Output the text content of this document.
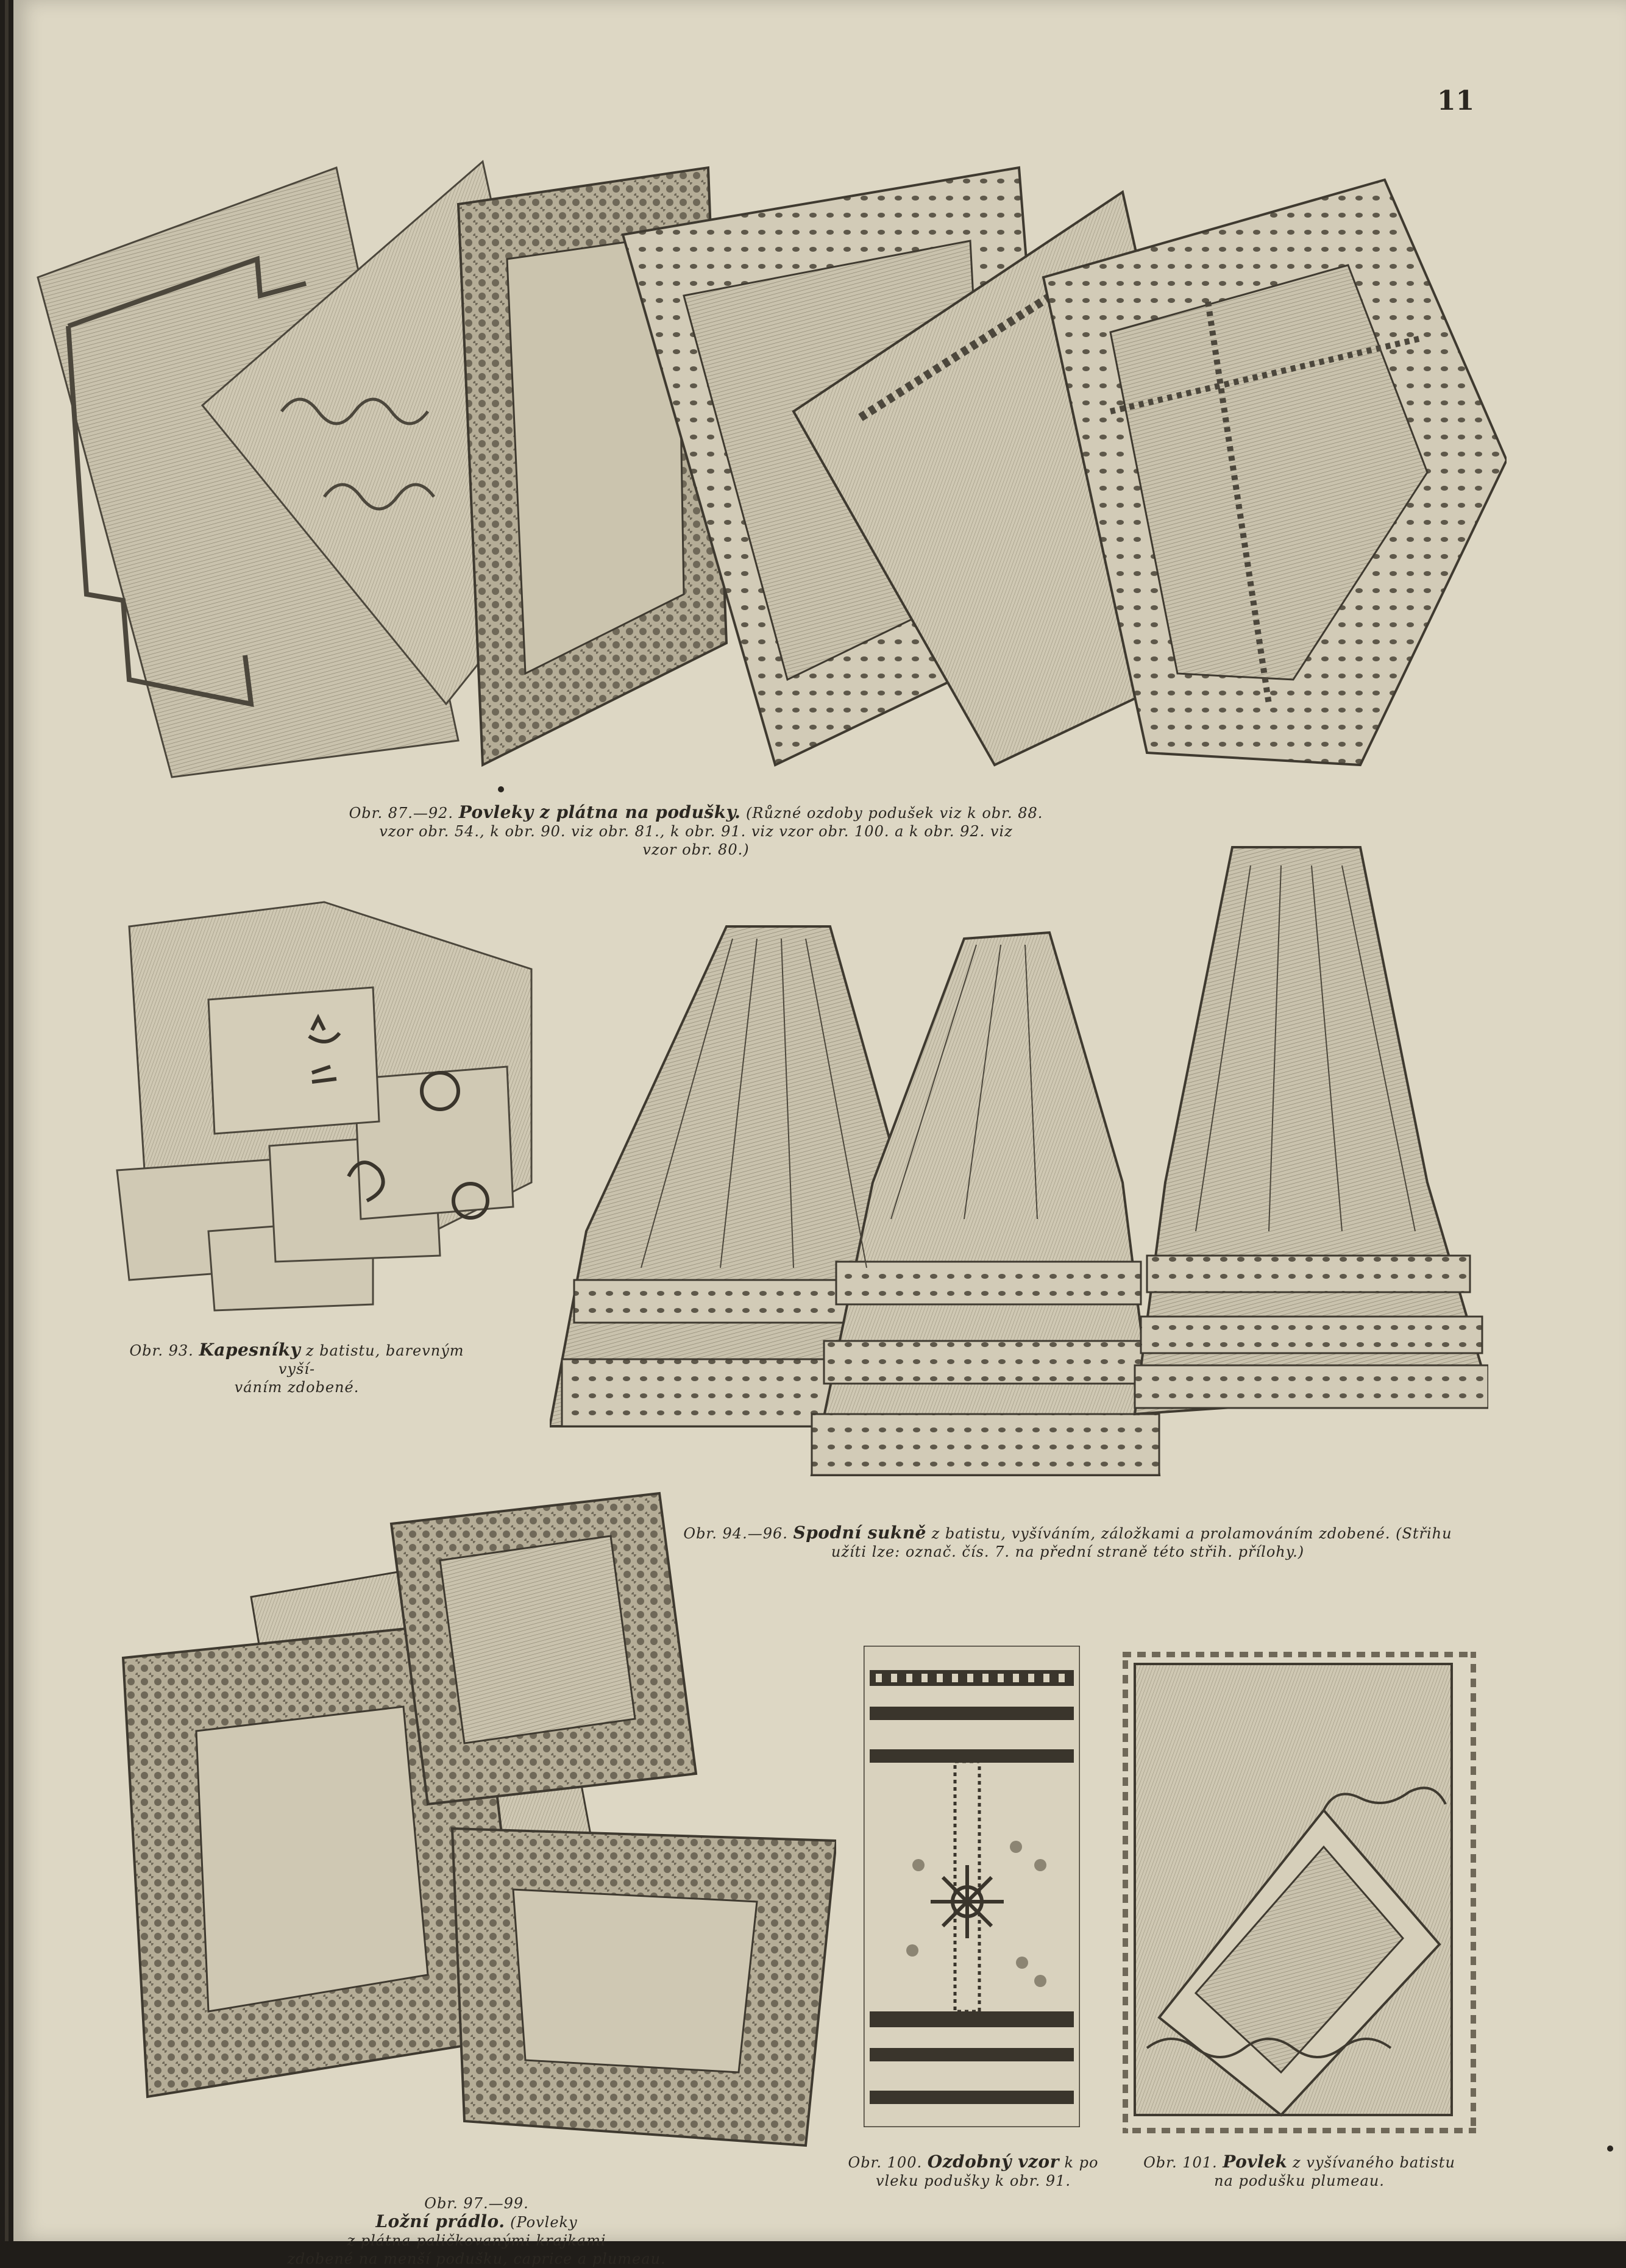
11
Obr. 87.—92. Povleky z plátna na podušky. (Různé ozdoby podušek viz k obr. 88.
vzor obr. 54., k obr. 90. viz obr. 81., k obr. 91. viz vzor obr. 100. a k obr. 92. viz
vzor obr. 80.)
Obr. 93. Kapesníky z batistu, barevným vyší-
váním zdobené.
Obr. 94.—96. Spodní sukně z batistu, vyšíváním, záložkami a prolamováním zdobené. (Střihu
užíti lze: označ. čís. 7. na přední straně této střih. přílohy.)
Obr. 97.—99.
Ložní prádlo. (Povleky
z plátna paličkovanými krajkami
zdobené na menší podušku, caprice a plumeau.
Obr. 100. Ozdobný vzor k po
vleku podušky k obr. 91.
Obr. 101. Povlek z vyšívaného batistu
na podušku plumeau.
